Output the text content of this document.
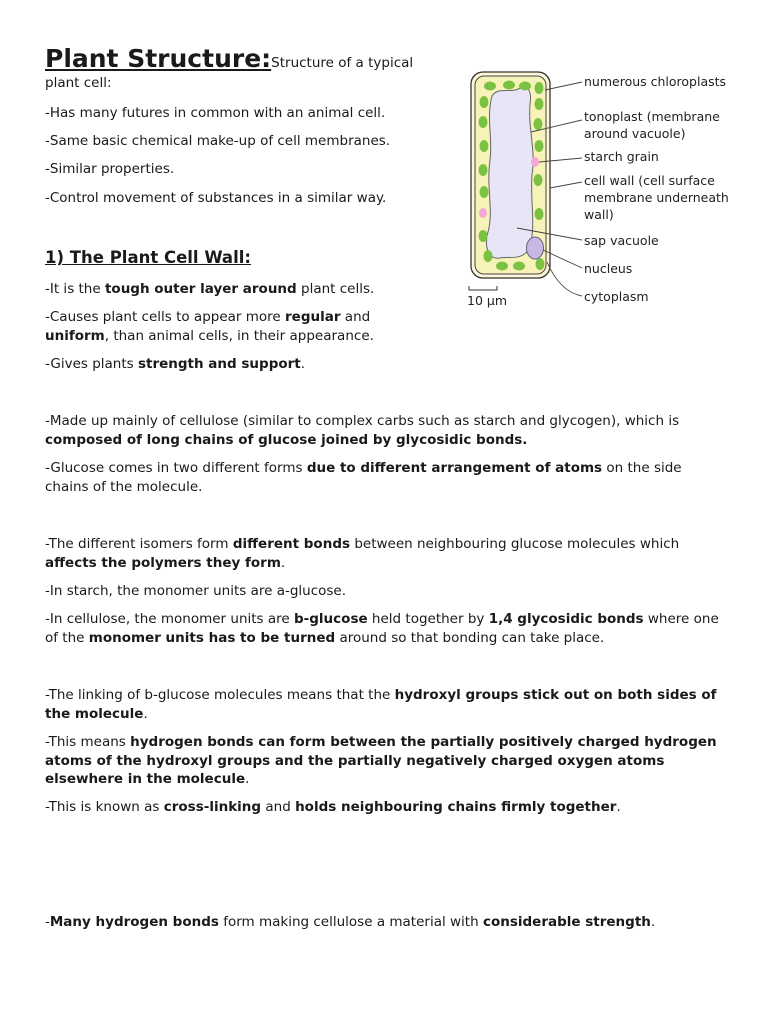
Plant Structure:Structure of a typical plant cell:

-Has many futures in common with an animal cell.

-Same basic chemical make-up of cell membranes.

-Similar properties.

-Control movement of substances in a similar way.

1) The Plant Cell Wall:

-It is the tough outer layer around plant cells.

-Causes plant cells to appear more regular and uniform, than animal cells, in their appearance.

-Gives plants strength and support.

-Made up mainly of cellulose (similar to complex carbs such as starch and glycogen), which is composed of long chains of glucose joined by glycosidic bonds.

-Glucose comes in two different forms due to different arrangement of atoms on the side chains of the molecule.

-The different isomers form different bonds between neighbouring glucose molecules which affects the polymers they form.

-In starch, the monomer units are a-glucose.

-In cellulose, the monomer units are b-glucose held together by 1,4 glycosidic bonds where one of the monomer units has to be turned around so that bonding can take place.

-The linking of b-glucose molecules means that the hydroxyl groups stick out on both sides of the molecule.

-This means hydrogen bonds can form between the partially positively charged hydrogen atoms of the hydroxyl groups and the partially negatively charged oxygen atoms elsewhere in the molecule.

-This is known as cross-linking and holds neighbouring chains firmly together.

-Many hydrogen bonds form making cellulose a material with considerable strength.

numerous chloroplasts
tonoplast (membrane
around vacuole)
starch grain
cell wall (cell surface
membrane underneath
wall)
sap vacuole
nucleus
cytoplasm
10 µm
